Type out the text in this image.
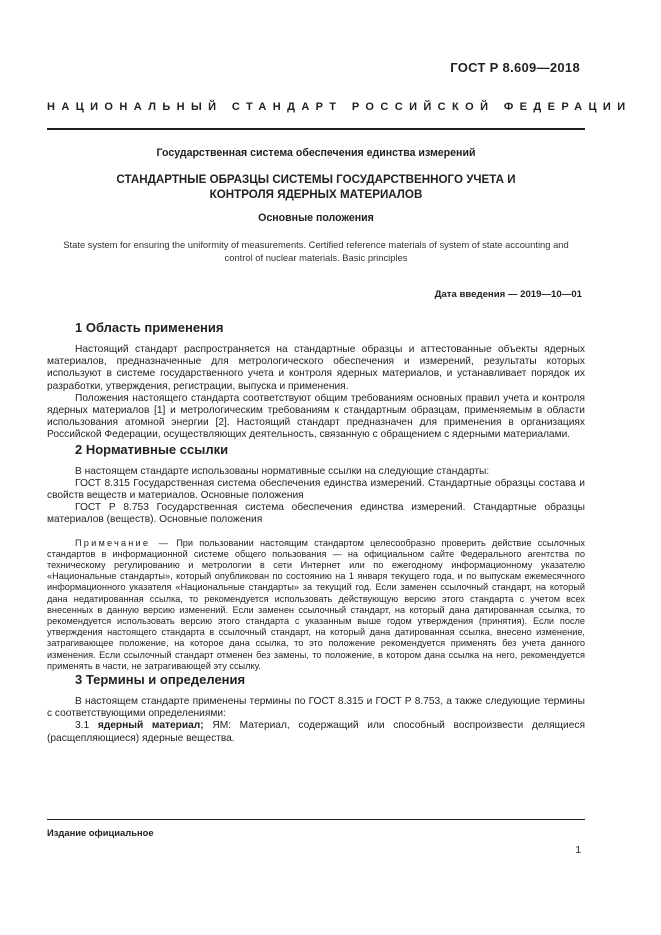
ГОСТ Р 8.609—2018
НАЦИОНАЛЬНЫЙ СТАНДАРТ РОССИЙСКОЙ ФЕДЕРАЦИИ
Государственная система обеспечения единства измерений
СТАНДАРТНЫЕ ОБРАЗЦЫ СИСТЕМЫ ГОСУДАРСТВЕННОГО УЧЕТА И КОНТРОЛЯ ЯДЕРНЫХ МАТЕРИАЛОВ
Основные положения
State system for ensuring the uniformity of measurements. Certified reference materials of system of state accounting and control of nuclear materials. Basic principles
Дата введения — 2019—10—01
1 Область применения

Настоящий стандарт распространяется на стандартные образцы и аттестованные объекты ядерных материалов, предназначенные для метрологического обеспечения и измерений, результаты которых используют в системе государственного учета и контроля ядерных материалов, и устанавливает порядок их разработки, утверждения, регистрации, выпуска и применения.

Положения настоящего стандарта соответствуют общим требованиям основных правил учета и контроля ядерных материалов [1] и метрологическим требованиям к стандартным образцам, применяемым в области использования атомной энергии [2]. Настоящий стандарт предназначен для применения в организациях Российской Федерации, осуществляющих деятельность, связанную с обращением с ядерными материалами.

2 Нормативные ссылки

В настоящем стандарте использованы нормативные ссылки на следующие стандарты:

ГОСТ 8.315 Государственная система обеспечения единства измерений. Стандартные образцы состава и свойств веществ и материалов. Основные положения

ГОСТ Р 8.753 Государственная система обеспечения единства измерений. Стандартные образцы материалов (веществ). Основные положения

Примечание — При пользовании настоящим стандартом целесообразно проверить действие ссылочных стандартов в информационной системе общего пользования — на официальном сайте Федерального агентства по техническому регулированию и метрологии в сети Интернет или по ежегодному информационному указателю «Национальные стандарты», который опубликован по состоянию на 1 января текущего года, и по выпускам ежемесячного информационного указателя «Национальные стандарты» за текущий год. Если заменен ссылочный стандарт, на который дана недатированная ссылка, то рекомендуется использовать действующую версию этого стандарта с учетом всех внесенных в данную версию изменений. Если заменен ссылочный стандарт, на который дана датированная ссылка, то рекомендуется использовать версию этого стандарта с указанным выше годом утверждения (принятия). Если после утверждения настоящего стандарта в ссылочный стандарт, на который дана датированная ссылка, внесено изменение, затрагивающее положение, на которое дана ссылка, то это положение рекомендуется применять без учета данного изменения. Если ссылочный стандарт отменен без замены, то положение, в котором дана ссылка на него, рекомендуется применять в части, не затрагивающей эту ссылку.

3 Термины и определения

В настоящем стандарте применены термины по ГОСТ 8.315 и ГОСТ Р 8.753, а также следующие термины с соответствующими определениями:

3.1 ядерный материал; ЯМ: Материал, содержащий или способный воспроизвести делящиеся (расщепляющиеся) ядерные вещества.

Издание официальное
1
